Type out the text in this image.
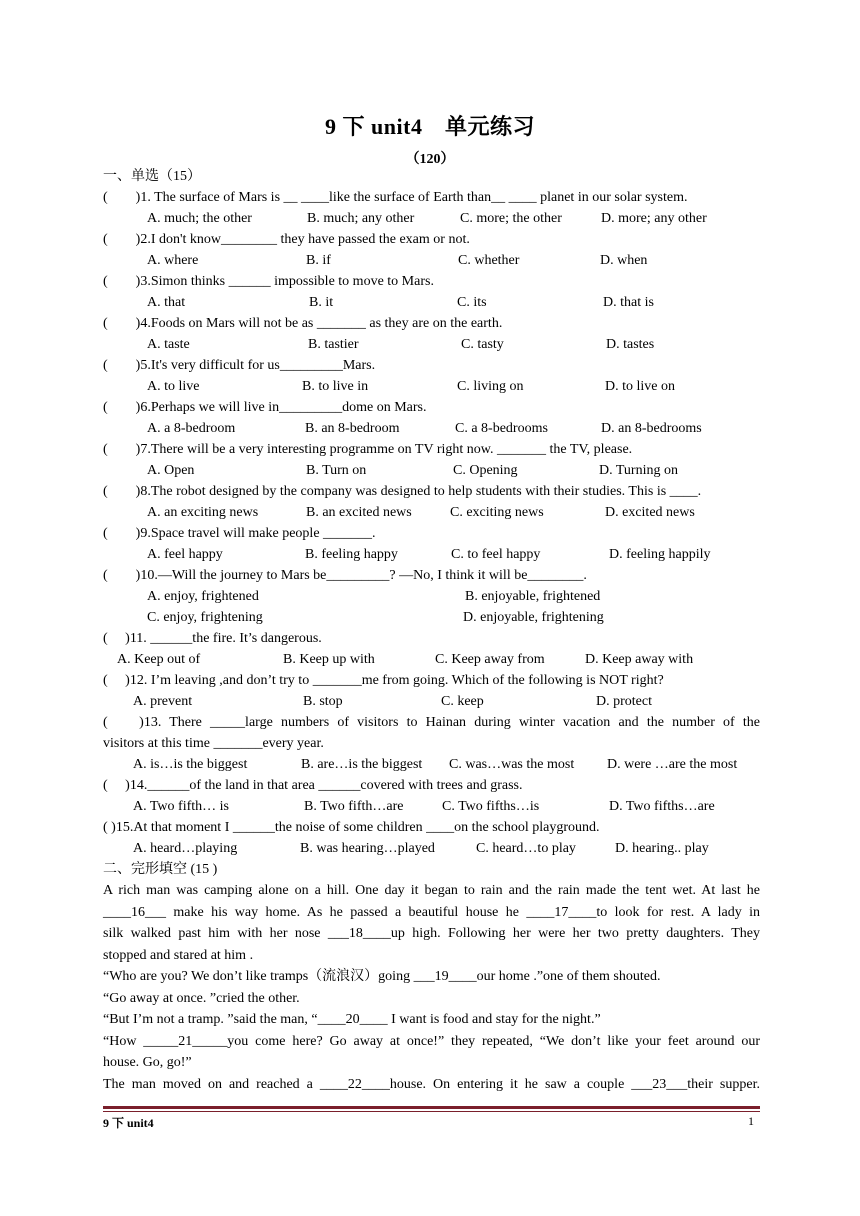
9 下 unit4　单元练习
（120）
一、单选（15）
(　　)1. The surface of Mars is __ ____like the surface of Earth than__ ____ planet in our solar system.
A. much; the other	B. much; any other	C. more; the other	D. more; any other
(　　)2.I don't know________ they have passed the exam or not.
A. where	B. if	C. whether	D. when
(　　)3.Simon thinks ______ impossible to move to Mars.
A. that	B. it	C. its	D. that is
(　　)4.Foods on Mars will not be as _______ as they are on the earth.
A. taste	B. tastier	C. tasty	D. tastes
(　　)5.It's very difficult for us_________Mars.
A. to live	B. to live in	C. living on	D. to live on
(　　)6.Perhaps we will live in_________dome on Mars.
A. a 8-bedroom	B. an 8-bedroom	C. a 8-bedrooms	D. an 8-bedrooms
(　　)7.There will be a very interesting programme on TV right now. _______ the TV, please.
A. Open	B. Turn on	C. Opening	D. Turning on
(　　)8.The robot designed by the company was designed to help students with their studies. This is ____.
A. an exciting news	B. an excited news	C. exciting news	D. excited news
(　　)9.Space travel will make people _______.
A. feel happy	B. feeling happy	C. to feel happy	D. feeling happily
(　　)10.—Will the journey to Mars be_________? —No, I think it will be________.
A. enjoy, frightened	B. enjoyable, frightened
C. enjoy, frightening	D. enjoyable, frightening
(　 )11. ______the fire. It’s dangerous.
A. Keep out of	B. Keep up with	C. Keep away from	D. Keep away with
(　 )12. I’m leaving ,and don’t try to _______me from going. Which of the following is NOT right?
A. prevent	B. stop	C. keep	D. protect
(　 )13. There _____large numbers of visitors to Hainan during winter vacation and the number of the
visitors at this time _______every year.
A. is…is the biggest	B. are…is the biggest	C. was…was the most	D. were …are the most
(　 )14.______of the land in that area ______covered with trees and grass.
A. Two fifth… is	B. Two fifth…are	C. Two fifths…is	D. Two fifths…are
( )15.At that moment I ______the noise of some children ____on the school playground.
A. heard…playing	B. was hearing…played	C. heard…to play	D. hearing.. play
二、完形填空 (15 )
A rich man was camping alone on a hill. One day it began to rain and the rain made the tent wet. At last he
____16___ make his way home. As he passed a beautiful house he ____17____to look for rest. A lady in
silk walked past him with her nose ___18____up high. Following her were her two pretty daughters. They
stopped and stared at him .
“Who are you? We don’t like tramps（流浪汉）going ___19____our home .”one of them shouted.
“Go away at once. ”cried the other.
“But I’m not a tramp. ”said the man, “____20____ I want is food and stay for the night.”
“How _____21_____you come here? Go away at once!” they repeated, “We don’t like your feet around our
house. Go, go!”
The man moved on and reached a ____22____house. On entering it he saw a couple ___23___their supper.
9 下 unit4	1
